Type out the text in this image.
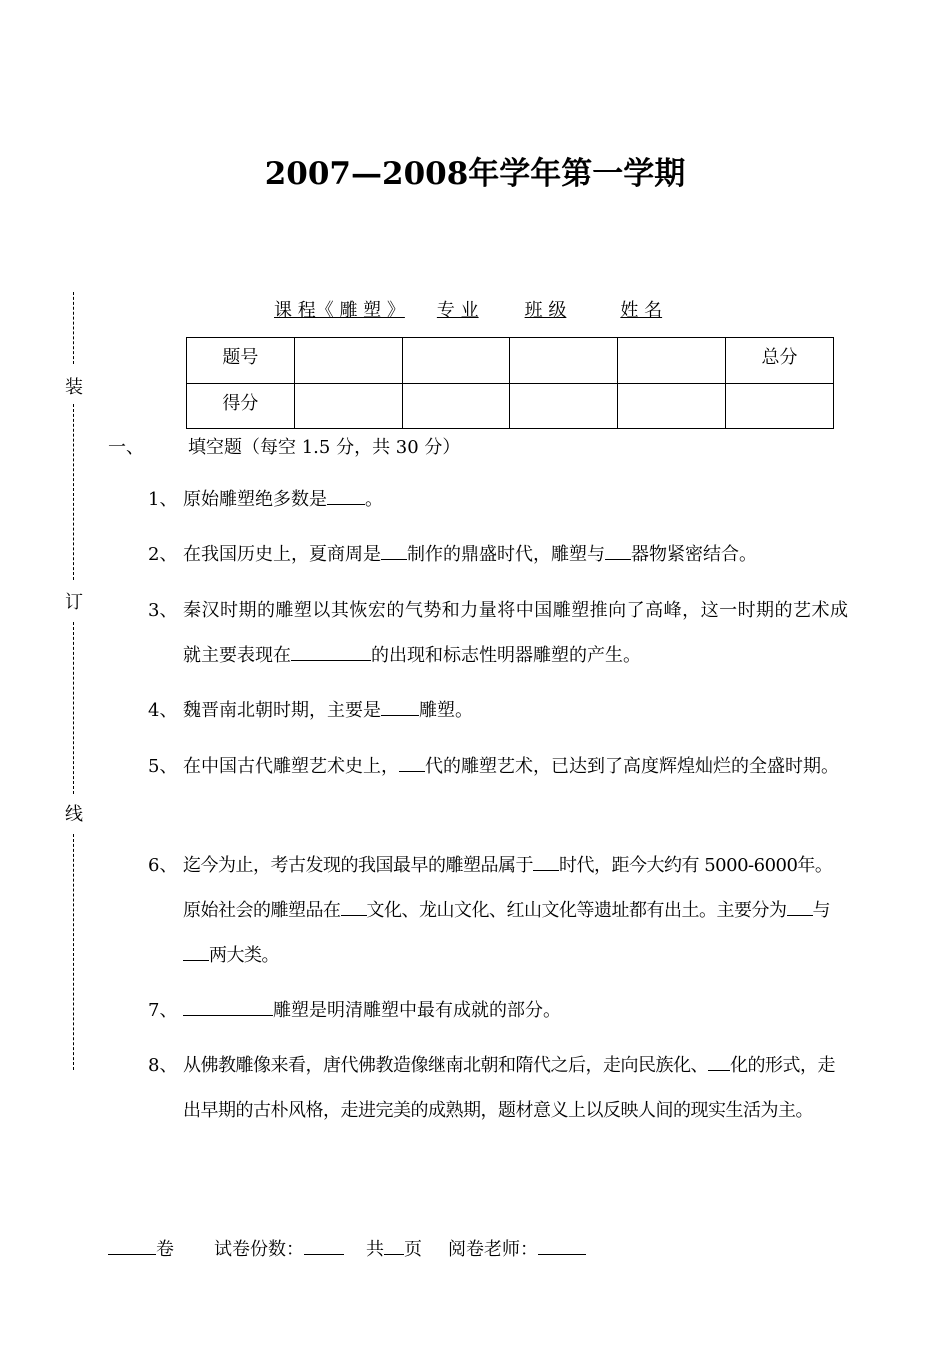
2007—2008年学年第一学期
装
订
线
课 程《 雕 塑 》 专 业	班 级	姓 名
题号					总分
得分					
一、 填空题（每空 1.5 分，共 30 分）
1、 原始雕塑绝多数是 。
2、 在我国历史上，夏商周是 制作的鼎盛时代，雕塑与 器物紧密结合。
3、 秦汉时期的雕塑以其恢宏的气势和力量将中国雕塑推向了高峰，这一时期的艺术成就主要表现在	的出现和标志性明器雕塑的产生。
4、 魏晋南北朝时期，主要是 雕塑。
5、 在中国古代雕塑艺术史上， 代的雕塑艺术，已达到了高度辉煌灿烂的全盛时期。
6、 迄今为止，考古发现的我国最早的雕塑品属于 时代，距今大约有 5000-6000年。原始社会的雕塑品在 文化、龙山文化、红山文化等遗址都有出土。主要分为 与两大类。
7、	雕塑是明清雕塑中最有成就的部分。
8、 从佛教雕像来看，唐代佛教造像继南北朝和隋代之后，走向民族化、 化的形式，走出早期的古朴风格，走进完美的成熟期，题材意义上以反映人间的现实生活为主。
卷 试卷份数：	共 页 阅卷老师：
